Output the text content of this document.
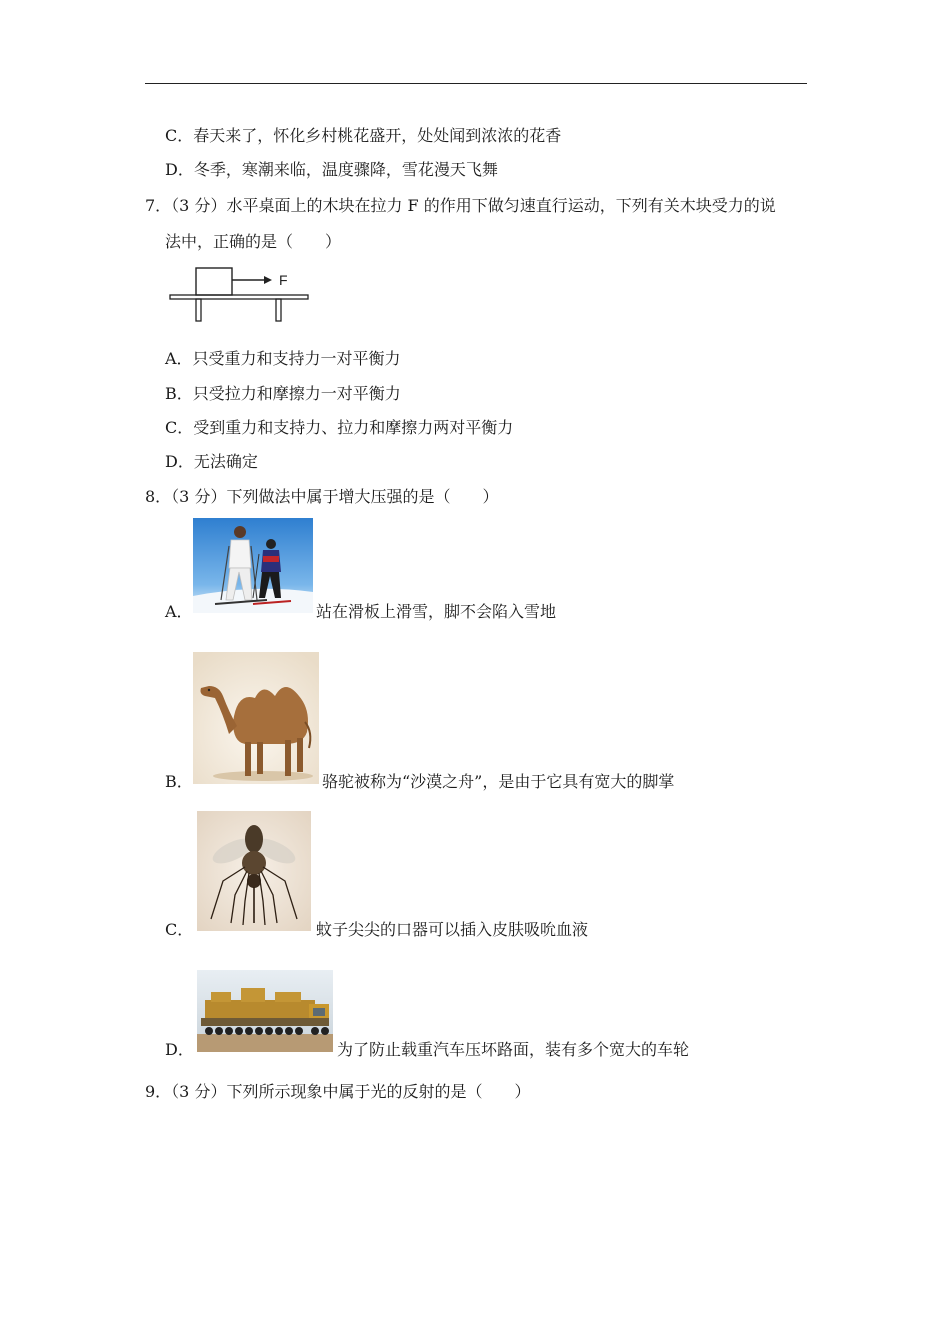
C．春天来了，怀化乡村桃花盛开，处处闻到浓浓的花香
D．冬季，寒潮来临，温度骤降，雪花漫天飞舞
7．（3 分）水平桌面上的木块在拉力 F 的作用下做匀速直行运动，下列有关木块受力的说
法中，正确的是（　　）
F
A．只受重力和支持力一对平衡力
B．只受拉力和摩擦力一对平衡力
C．受到重力和支持力、拉力和摩擦力两对平衡力
D．无法确定
8．（3 分）下列做法中属于增大压强的是（　　）
A．	站在滑板上滑雪，脚不会陷入雪地
B．	骆驼被称为“沙漠之舟”，是由于它具有宽大的脚掌
C．	蚊子尖尖的口器可以插入皮肤吸吮血液
D．	为了防止载重汽车压坏路面，装有多个宽大的车轮
9．（3 分）下列所示现象中属于光的反射的是（　　）
